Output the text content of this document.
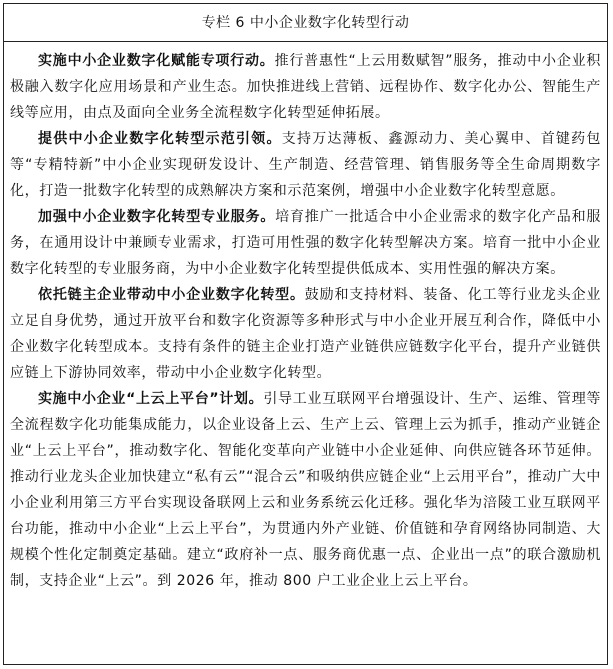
专栏 6 中小企业数字化转型行动

实施中小企业数字化赋能专项行动。推行普惠性“上云用数赋智”服务，推动中小企业积极融入数字化应用场景和产业生态。加快推进线上营销、远程协作、数字化办公、智能生产线等应用，由点及面向全业务全流程数字化转型延伸拓展。

提供中小企业数字化转型示范引领。支持万达薄板、鑫源动力、美心翼申、首键药包等“专精特新”中小企业实现研发设计、生产制造、经营管理、销售服务等全生命周期数字化，打造一批数字化转型的成熟解决方案和示范案例，增强中小企业数字化转型意愿。

加强中小企业数字化转型专业服务。培育推广一批适合中小企业需求的数字化产品和服务，在通用设计中兼顾专业需求，打造可用性强的数字化转型解决方案。培育一批中小企业数字化转型的专业服务商，为中小企业数字化转型提供低成本、实用性强的解决方案。

依托链主企业带动中小企业数字化转型。鼓励和支持材料、装备、化工等行业龙头企业立足自身优势，通过开放平台和数字化资源等多种形式与中小企业开展互利合作，降低中小企业数字化转型成本。支持有条件的链主企业打造产业链供应链数字化平台，提升产业链供应链上下游协同效率，带动中小企业数字化转型。

实施中小企业“上云上平台”计划。引导工业互联网平台增强设计、生产、运维、管理等全流程数字化功能集成能力，以企业设备上云、生产上云、管理上云为抓手，推动产业链企业“上云上平台”，推动数字化、智能化变革向产业链中小企业延伸、向供应链各环节延伸。推动行业龙头企业加快建立“私有云”“混合云”和吸纳供应链企业“上云用平台”，推动广大中小企业利用第三方平台实现设备联网上云和业务系统云化迁移。强化华为涪陵工业互联网平台功能，推动中小企业“上云上平台”，为贯通内外产业链、价值链和孕育网络协同制造、大规模个性化定制奠定基础。建立“政府补一点、服务商优惠一点、企业出一点”的联合激励机制，支持企业“上云”。到 2026 年，推动 800 户工业企业上云上平台。
